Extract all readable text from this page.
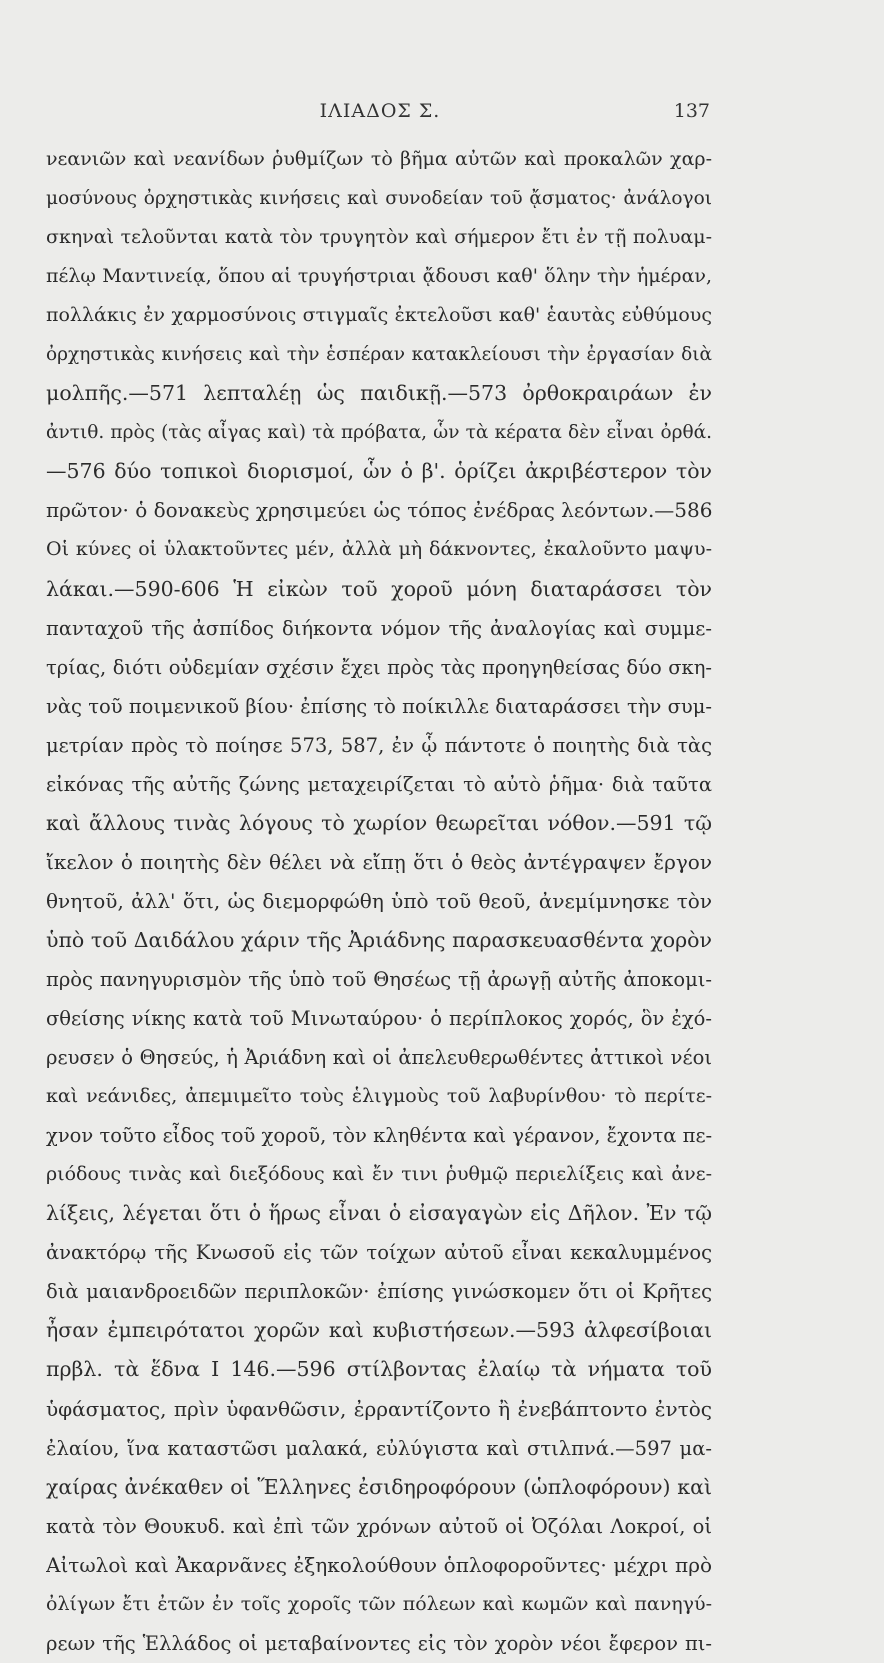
ΙΛΙΑΔΟΣ Σ.	137
νεανιῶν καὶ νεανίδων ῥυθμίζων τὸ βῆμα αὐτῶν καὶ προκαλῶν χαρ-
μοσύνους ὀρχηστικὰς κινήσεις καὶ συνοδείαν τοῦ ᾄσματος· ἀνάλογοι
σκηναὶ τελοῦνται κατὰ τὸν τρυγητὸν καὶ σήμερον ἔτι ἐν τῇ πολυαμ-
πέλῳ Μαντινείᾳ, ὅπου αἱ τρυγήστριαι ᾄδουσι καθ' ὅλην τὴν ἡμέραν,
πολλάκις ἐν χαρμοσύνοις στιγμαῖς ἐκτελοῦσι καθ' ἑαυτὰς εὐθύμους
ὀρχηστικὰς κινήσεις καὶ τὴν ἑσπέραν κατακλείουσι τὴν ἐργασίαν διὰ
μολπῆς.—571 λεπταλέῃ ὡς παιδικῇ.—573 ὀρθοκραιράων ἐν
ἀντιθ. πρὸς (τὰς αἶγας καὶ) τὰ πρόβατα, ὧν τὰ κέρατα δὲν εἶναι ὀρθά.
—576 δύο τοπικοὶ διορισμοί, ὧν ὁ β'. ὁρίζει ἀκριβέστερον τὸν
πρῶτον· ὁ δονακεὺς χρησιμεύει ὡς τόπος ἐνέδρας λεόντων.—586
Οἱ κύνες οἱ ὑλακτοῦντες μέν, ἀλλὰ μὴ δάκνοντες, ἐκαλοῦντο μαψυ-
λάκαι.—590-606 Ἡ εἰκὼν τοῦ χοροῦ μόνη διαταράσσει τὸν
πανταχοῦ τῆς ἀσπίδος διήκοντα νόμον τῆς ἀναλογίας καὶ συμμε-
τρίας, διότι οὐδεμίαν σχέσιν ἔχει πρὸς τὰς προηγηθείσας δύο σκη-
νὰς τοῦ ποιμενικοῦ βίου· ἐπίσης τὸ ποίκιλλε διαταράσσει τὴν συμ-
μετρίαν πρὸς τὸ ποίησε 573, 587, ἐν ᾧ πάντοτε ὁ ποιητὴς διὰ τὰς
εἰκόνας τῆς αὐτῆς ζώνης μεταχειρίζεται τὸ αὐτὸ ῥῆμα· διὰ ταῦτα
καὶ ἄλλους τινὰς λόγους τὸ χωρίον θεωρεῖται νόθον.—591 τῷ
ἴκελον ὁ ποιητὴς δὲν θέλει νὰ εἴπῃ ὅτι ὁ θεὸς ἀντέγραψεν ἔργον
θνητοῦ, ἀλλ' ὅτι, ὡς διεμορφώθη ὑπὸ τοῦ θεοῦ, ἀνεμίμνησκε τὸν
ὑπὸ τοῦ Δαιδάλου χάριν τῆς Ἀριάδνης παρασκευασθέντα χορὸν
πρὸς πανηγυρισμὸν τῆς ὑπὸ τοῦ Θησέως τῇ ἀρωγῇ αὐτῆς ἀποκομι-
σθείσης νίκης κατὰ τοῦ Μινωταύρου· ὁ περίπλοκος χορός, ὃν ἐχό-
ρευσεν ὁ Θησεύς, ἡ Ἀριάδνη καὶ οἱ ἀπελευθερωθέντες ἀττικοὶ νέοι
καὶ νεάνιδες, ἀπεμιμεῖτο τοὺς ἑλιγμοὺς τοῦ λαβυρίνθου· τὸ περίτε-
χνον τοῦτο εἶδος τοῦ χοροῦ, τὸν κληθέντα καὶ γέρανον, ἔχοντα πε-
ριόδους τινὰς καὶ διεξόδους καὶ ἔν τινι ῥυθμῷ περιελίξεις καὶ ἀνε-
λίξεις, λέγεται ὅτι ὁ ἥρως εἶναι ὁ εἰσαγαγὼν εἰς Δῆλον. Ἐν τῷ
ἀνακτόρῳ τῆς Κνωσοῦ εἰς τῶν τοίχων αὐτοῦ εἶναι κεκαλυμμένος
διὰ μαιανδροειδῶν περιπλοκῶν· ἐπίσης γινώσκομεν ὅτι οἱ Κρῆτες
ἦσαν ἐμπειρότατοι χορῶν καὶ κυβιστήσεων.—593 ἀλφεσίβοιαι
πρβλ. τὰ ἕδνα Ι 146.—596 στίλβοντας ἐλαίῳ τὰ νήματα τοῦ
ὑφάσματος, πρὶν ὑφανθῶσιν, ἐρραντίζοντο ἢ ἐνεβάπτοντο ἐντὸς
ἐλαίου, ἵνα καταστῶσι μαλακά, εὐλύγιστα καὶ στιλπνά.—597 μα-
χαίρας ἀνέκαθεν οἱ Ἕλληνες ἐσιδηροφόρουν (ὡπλοφόρουν) καὶ
κατὰ τὸν Θουκυδ. καὶ ἐπὶ τῶν χρόνων αὐτοῦ οἱ Ὀζόλαι Λοκροί, οἱ
Αἰτωλοὶ καὶ Ἀκαρνᾶνες ἐξηκολούθουν ὁπλοφοροῦντες· μέχρι πρὸ
ὀλίγων ἔτι ἐτῶν ἐν τοῖς χοροῖς τῶν πόλεων καὶ κωμῶν καὶ πανηγύ-
ρεων τῆς Ἑλλάδος οἱ μεταβαίνοντες εἰς τὸν χορὸν νέοι ἔφερον πι-
